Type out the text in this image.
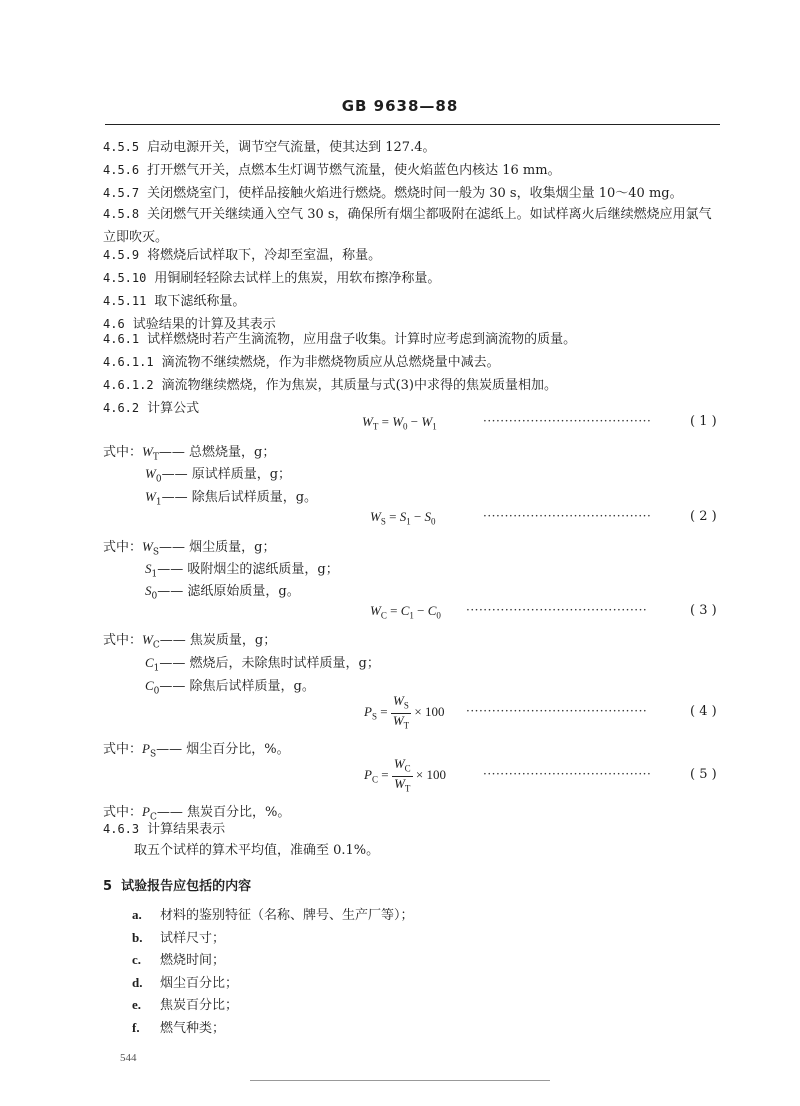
GB 9638—88
4.5.5 启动电源开关，调节空气流量，使其达到 127.4。
4.5.6 打开燃气开关，点燃本生灯调节燃气流量，使火焰蓝色内核达 16 mm。
4.5.7 关闭燃烧室门，使样品接触火焰进行燃烧。燃烧时间一般为 30 s，收集烟尘量 10～40 mg。
4.5.8 关闭燃气开关继续通入空气 30 s，确保所有烟尘都吸附在滤纸上。如试样离火后继续燃烧应用氯气立即吹灭。
4.5.9 将燃烧后试样取下，冷却至室温，称量。
4.5.10 用铜刷轻轻除去试样上的焦炭，用软布擦净称量。
4.5.11 取下滤纸称量。
4.6 试验结果的计算及其表示
4.6.1 试样燃烧时若产生滴流物，应用盘子收集。计算时应考虑到滴流物的质量。
4.6.1.1 滴流物不继续燃烧，作为非燃烧物质应从总燃烧量中减去。
4.6.1.2 滴流物继续燃烧，作为焦炭，其质量与式(3)中求得的焦炭质量相加。
4.6.2 计算公式
$W_T = W_0 - W_1$	·······································	( 1 )
式中：$W_T——$ 总燃烧量，g；
$W_0——$ 原试样质量，g；
$W_1——$ 除焦后试样质量，g。
$W_S = S_1 - S_0$	·······································	( 2 )
式中：$W_S——$ 烟尘质量，g；
$S_1——$ 吸附烟尘的滤纸质量，g；
$S_0——$ 滤纸原始质量，g。
$W_C = C_1 - C_0$ ··········································	( 3 )
式中：$W_C——$ 焦炭质量，g；
$C_1——$ 燃烧后，未除焦时试样质量，g；
$C_0——$ 除焦后试样质量，g。
$P_S = \frac{W_S}{W_T} \times 100$ ··········································	( 4 )
式中：$P_S——$ 烟尘百分比，%。
$P_C = \frac{W_C}{W_T} \times 100$	·······································	( 5 )
式中：$P_C——$ 焦炭百分比，%。
4.6.3 计算结果表示
取五个试样的算术平均值，准确至 0.1%。
5 试验报告应包括的内容
a. 材料的鉴别特征（名称、牌号、生产厂等）；
b. 试样尺寸；
c. 燃烧时间；
d. 烟尘百分比；
e. 焦炭百分比；
f. 燃气种类；
544
